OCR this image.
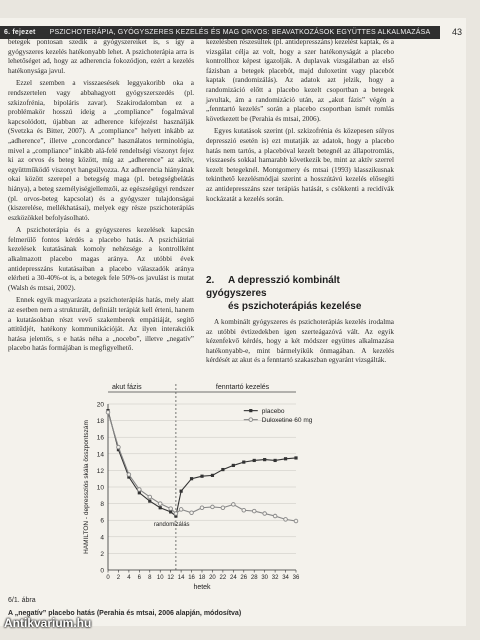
6. fejezet PSZICHOTERÁPIA, GYÓGYSZERES KEZELÉS ÉS MAG ORVOS: BEAVATKOZÁSOK EGYÜTTES ALKALMAZÁSA	43

betegek pontosan szedik a gyógyszereiket is, s így a gyógyszeres kezelés hatékonyabb lehet. A pszichoterápia arra is lehetőséget ad, hogy az adherencia fokozódjon, ezért a kezelés hatékonysága javul.

Ezzel szemben a visszaesések leggyakoribb oka a rendszertelen vagy abbahagyott gyógyszerszedés (pl. szkizofrénia, bipoláris zavar). Szakirodalomban ez a problémakör hosszú ideig a „compliance” fogalmával kapcsolódott, újabban az adherence kifejezést használják (Svetzka és Bitter, 2007). A „compliance” helyett inkább az „adherence”, illetve „concordance” használatos terminológia, mivel a „compliance” inkább alá-felé rendeltségi viszonyt fejez ki az orvos és beteg között, míg az „adherence” az aktív, együttműködő viszonyt hangsúlyozza. Az adherencia hiányának okai között szerepel a betegség maga (pl. betegségbelátás hiánya), a beteg személyiségjellemzői, az egészségügyi rendszer (pl. orvos-beteg kapcsolat) és a gyógyszer tulajdonságai (kiszerelése, mellékhatásai), melyek egy része pszichoterápiás eszközökkel befolyásolható.

A pszichoterápia és a gyógyszeres kezelések kapcsán felmerülő fontos kérdés a placebo hatás. A pszichiátriai kezelések kutatásának komoly nehézsége a kontrollként alkalmazott placebo magas aránya. Az utóbbi évek antidepresszáns kutatásaiban a placebo válaszadók aránya elérheti a 30-40%-ot is, a betegek fele 50%-os javulást is mutat (Walsh és mtsai, 2002).

Ennek egyik magyarázata a pszichoterápiás hatás, mely alatt az esetben nem a strukturált, definiált terápiát kell érteni, hanem a kutatásokban részt vevő szakemberek empátiáját, segítő attitűdjét, hatékony kommunikációját. Az ilyen interakciók hatása jelentős, s e hatás néha a „nocebo”, illetve „negatív” placebo hatás formájában is megfigyelhető.

kezelésben részesültek (pl. antidepresszáns) kezelést kaptak, és a vizsgálat célja az volt, hogy a szer hatékonyságát a placebo kontrollhoz képest igazolják. A duplavak vizsgálatban az első fázisban a betegek placebót, majd duloxetint vagy placebót kaptak (randomizálás). Az adatok azt jelzik, hogy a randomizáció előtt a placebo kezelt csoportban a betegek javultak, ám a randomizáció után, az „akut fázis” végén a „fenntartó kezelés” során a placebo csoportban ismét romlás következett be (Perahia és mtsai, 2006).

Egyes kutatások szerint (pl. szkizofrénia és közepesen súlyos depresszió esetén is) ezt mutatják az adatok, hogy a placebo hatás nem tartós, a placebóval kezelt betegnél az állapotromlás, visszaesés sokkal hamarabb következik be, mint az aktív szerrel kezelt betegeknél. Montgomery és mtsai (1993) klasszikusnak tekinthető kezelésmódjai szerint a hosszútávú kezelés elősegíti az antidepresszáns szer terápiás hatását, s csökkenti a recidívák kockázatát a kezelés során.

2. A depresszió kombinált gyógyszeres
és pszichoterápiás kezelése

A kombinált gyógyszeres és pszichoterápiás kezelés irodalma az utóbbi évtizedekben igen szerteágazóvá vált. Az egyik kézenfekvő kérdés, hogy a két módszer együttes alkalmazása hatékonyabb-e, mint bármelyikük önmagában. A kezelés kérdését az akut és a fenntartó szakaszban egyaránt vizsgálták.

akut fázis	fenntartó kezelés
0
2
4
6
8
10
12
14
16
18
20
0 2 4 6 8 10 12 14 16 18 20 22 24 26 28 30 32 34 36
hetek
HAMILTON - depressziós skála összpontszám	randomizálás
placebo
Duloxetine 60 mg
6/1. ábra
A „negatív” placebo hatás (Perahia és mtsai, 2006 alapján, módosítva)
Antikvarium.hu
